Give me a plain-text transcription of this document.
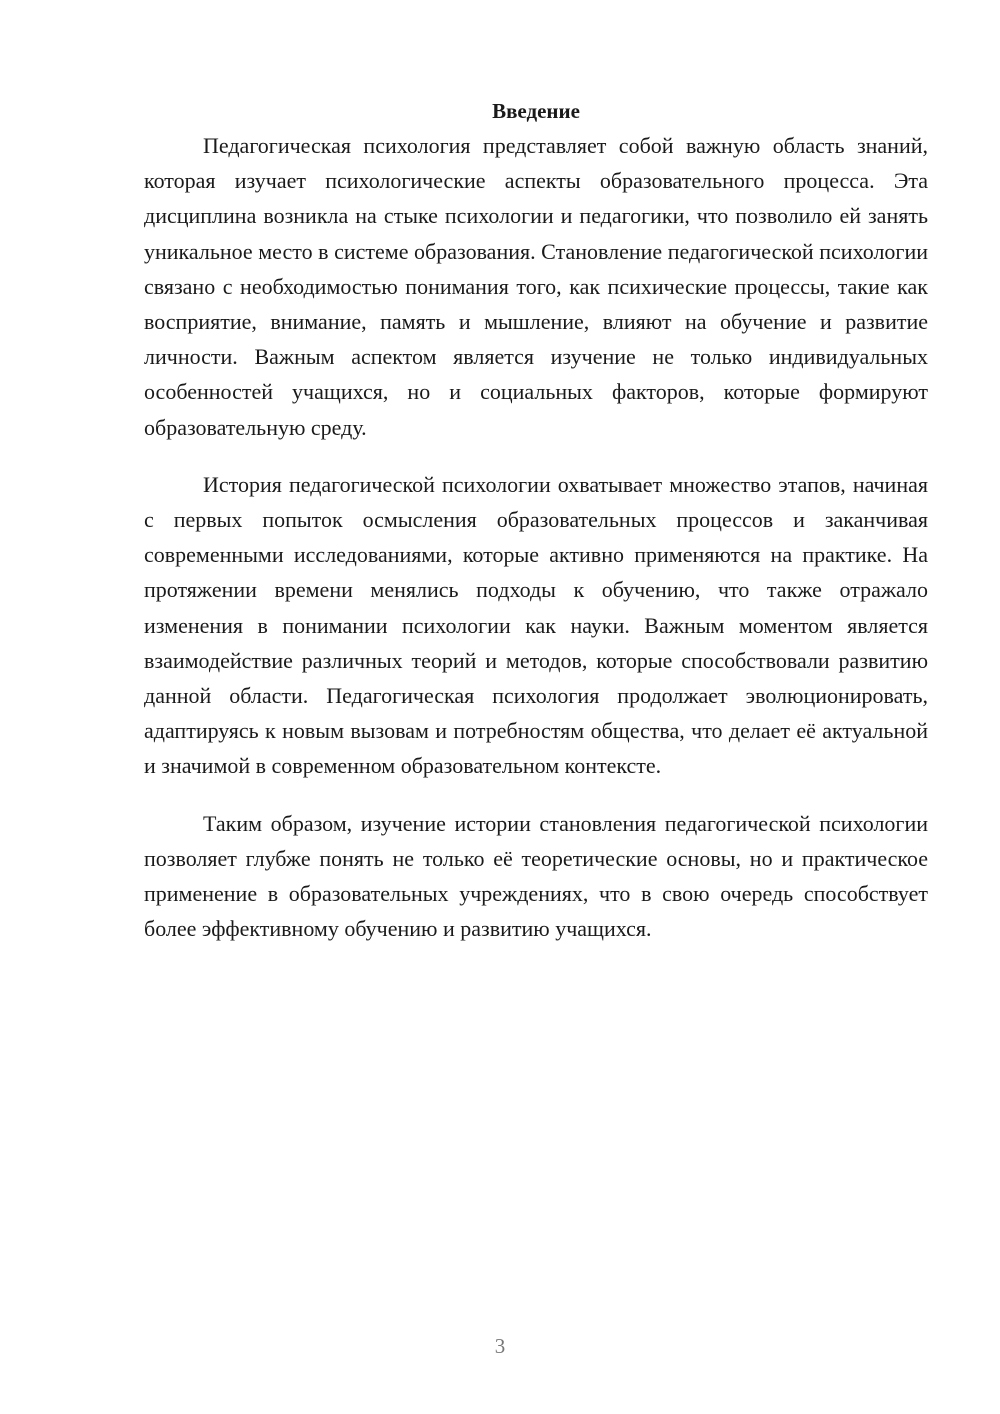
Введение

Педагогическая психология представляет собой важную область знаний, которая изучает психологические аспекты образовательного процесса. Эта дисциплина возникла на стыке психологии и педагогики, что позволило ей занять уникальное место в системе образования. Становление педагогической психологии связано с необходимостью понимания того, как психические процессы, такие как восприятие, внимание, память и мышление, влияют на обучение и развитие личности. Важным аспектом является изучение не только индивидуальных особенностей учащихся, но и социальных факторов, которые формируют образовательную среду.

История педагогической психологии охватывает множество этапов, начиная с первых попыток осмысления образовательных процессов и заканчивая современными исследованиями, которые активно применяются на практике. На протяжении времени менялись подходы к обучению, что также отражало изменения в понимании психологии как науки. Важным моментом является взаимодействие различных теорий и методов, которые способствовали развитию данной области. Педагогическая психология продолжает эволюционировать, адаптируясь к новым вызовам и потребностям общества, что делает её актуальной и значимой в современном образовательном контексте.

Таким образом, изучение истории становления педагогической психологии позволяет глубже понять не только её теоретические основы, но и практическое применение в образовательных учреждениях, что в свою очередь способствует более эффективному обучению и развитию учащихся.

3
